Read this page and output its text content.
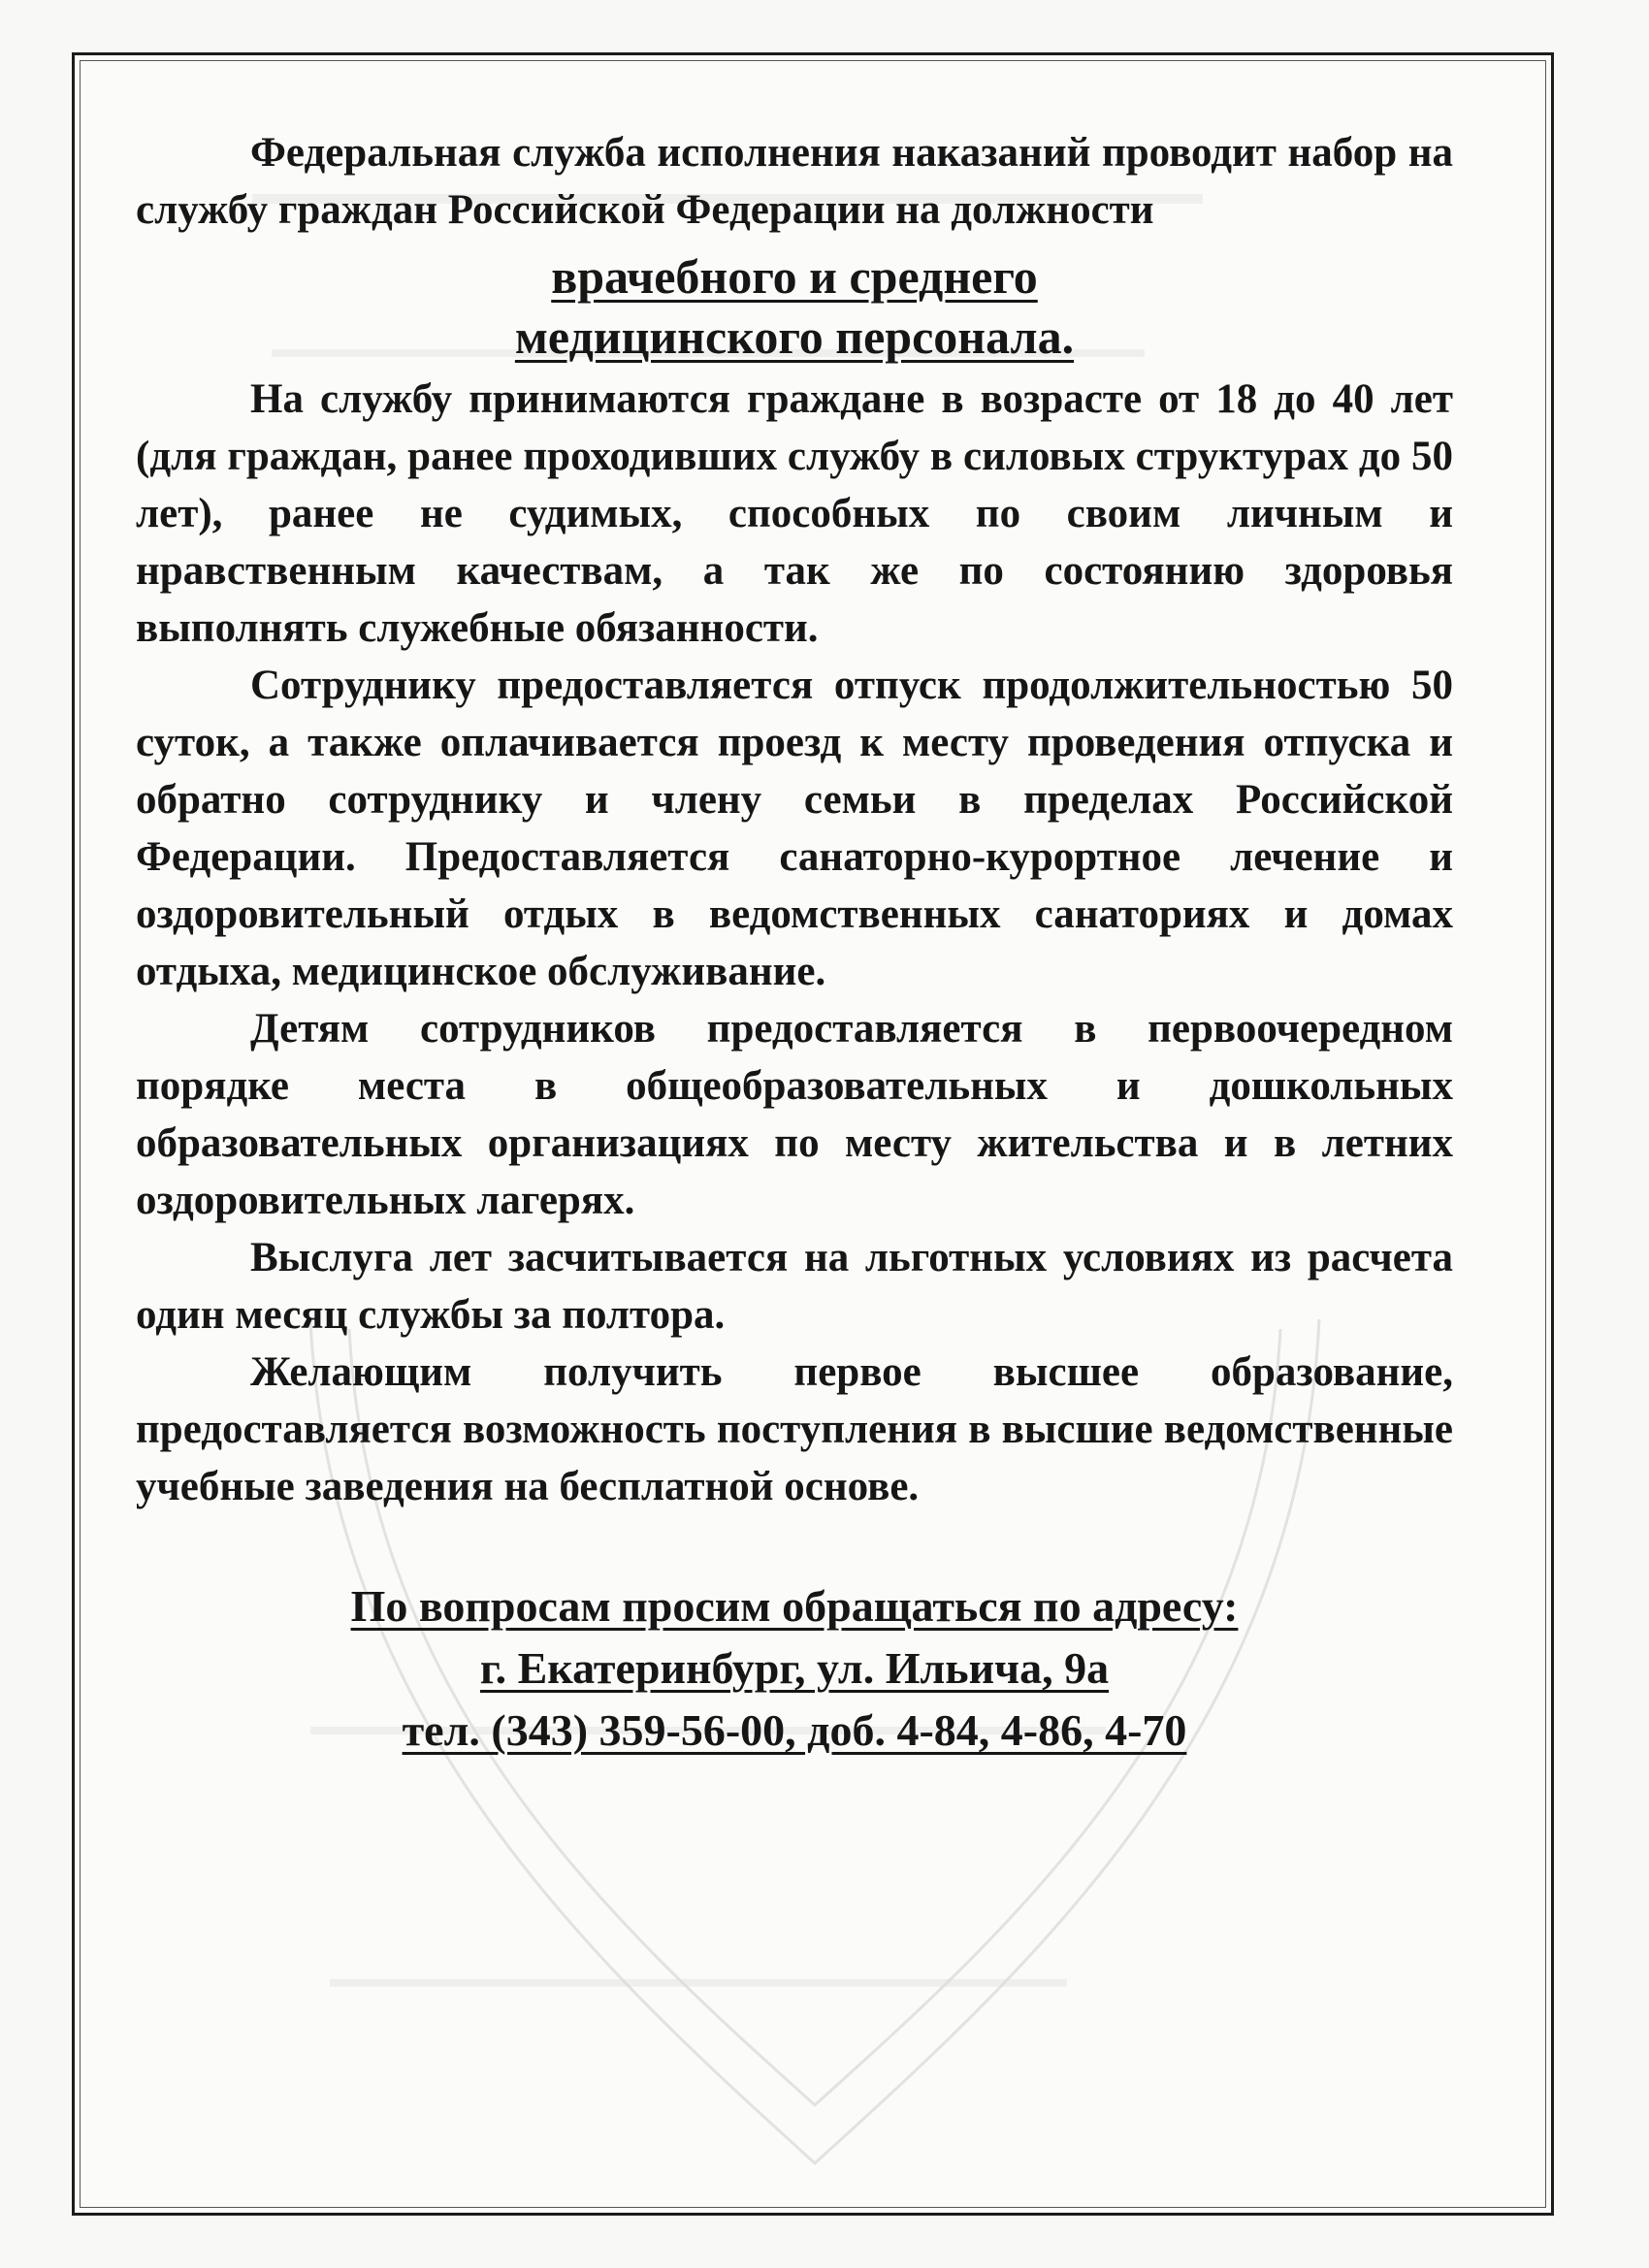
Федеральная служба исполнения наказаний проводит набор на службу граждан Российской Федерации на должности

врачебного и среднего
медицинского персонала.

На службу принимаются граждане в возрасте от 18 до 40 лет (для граждан, ранее проходивших службу в силовых структурах до 50 лет), ранее не судимых, способных по своим личным и нравственным качествам, а так же по состоянию здоровья выполнять служебные обязанности.

Сотруднику предоставляется отпуск продолжительностью 50 суток, а также оплачивается проезд к месту проведения отпуска и обратно сотруднику и члену семьи в пределах Российской Федерации. Предоставляется санаторно-курортное лечение и оздоровительный отдых в ведомственных санаториях и домах отдыха, медицинское обслуживание.

Детям сотрудников предоставляется в первоочередном порядке места в общеобразовательных и дошкольных образовательных организациях по месту жительства и в летних оздоровительных лагерях.

Выслуга лет засчитывается на льготных условиях из расчета один месяц службы за полтора.

Желающим получить первое высшее образование, предоставляется возможность поступления в высшие ведомственные учебные заведения на бесплатной основе.

По вопросам просим обращаться по адресу:
г. Екатеринбург, ул. Ильича, 9а
тел. (343) 359-56-00, доб. 4-84, 4-86, 4-70
